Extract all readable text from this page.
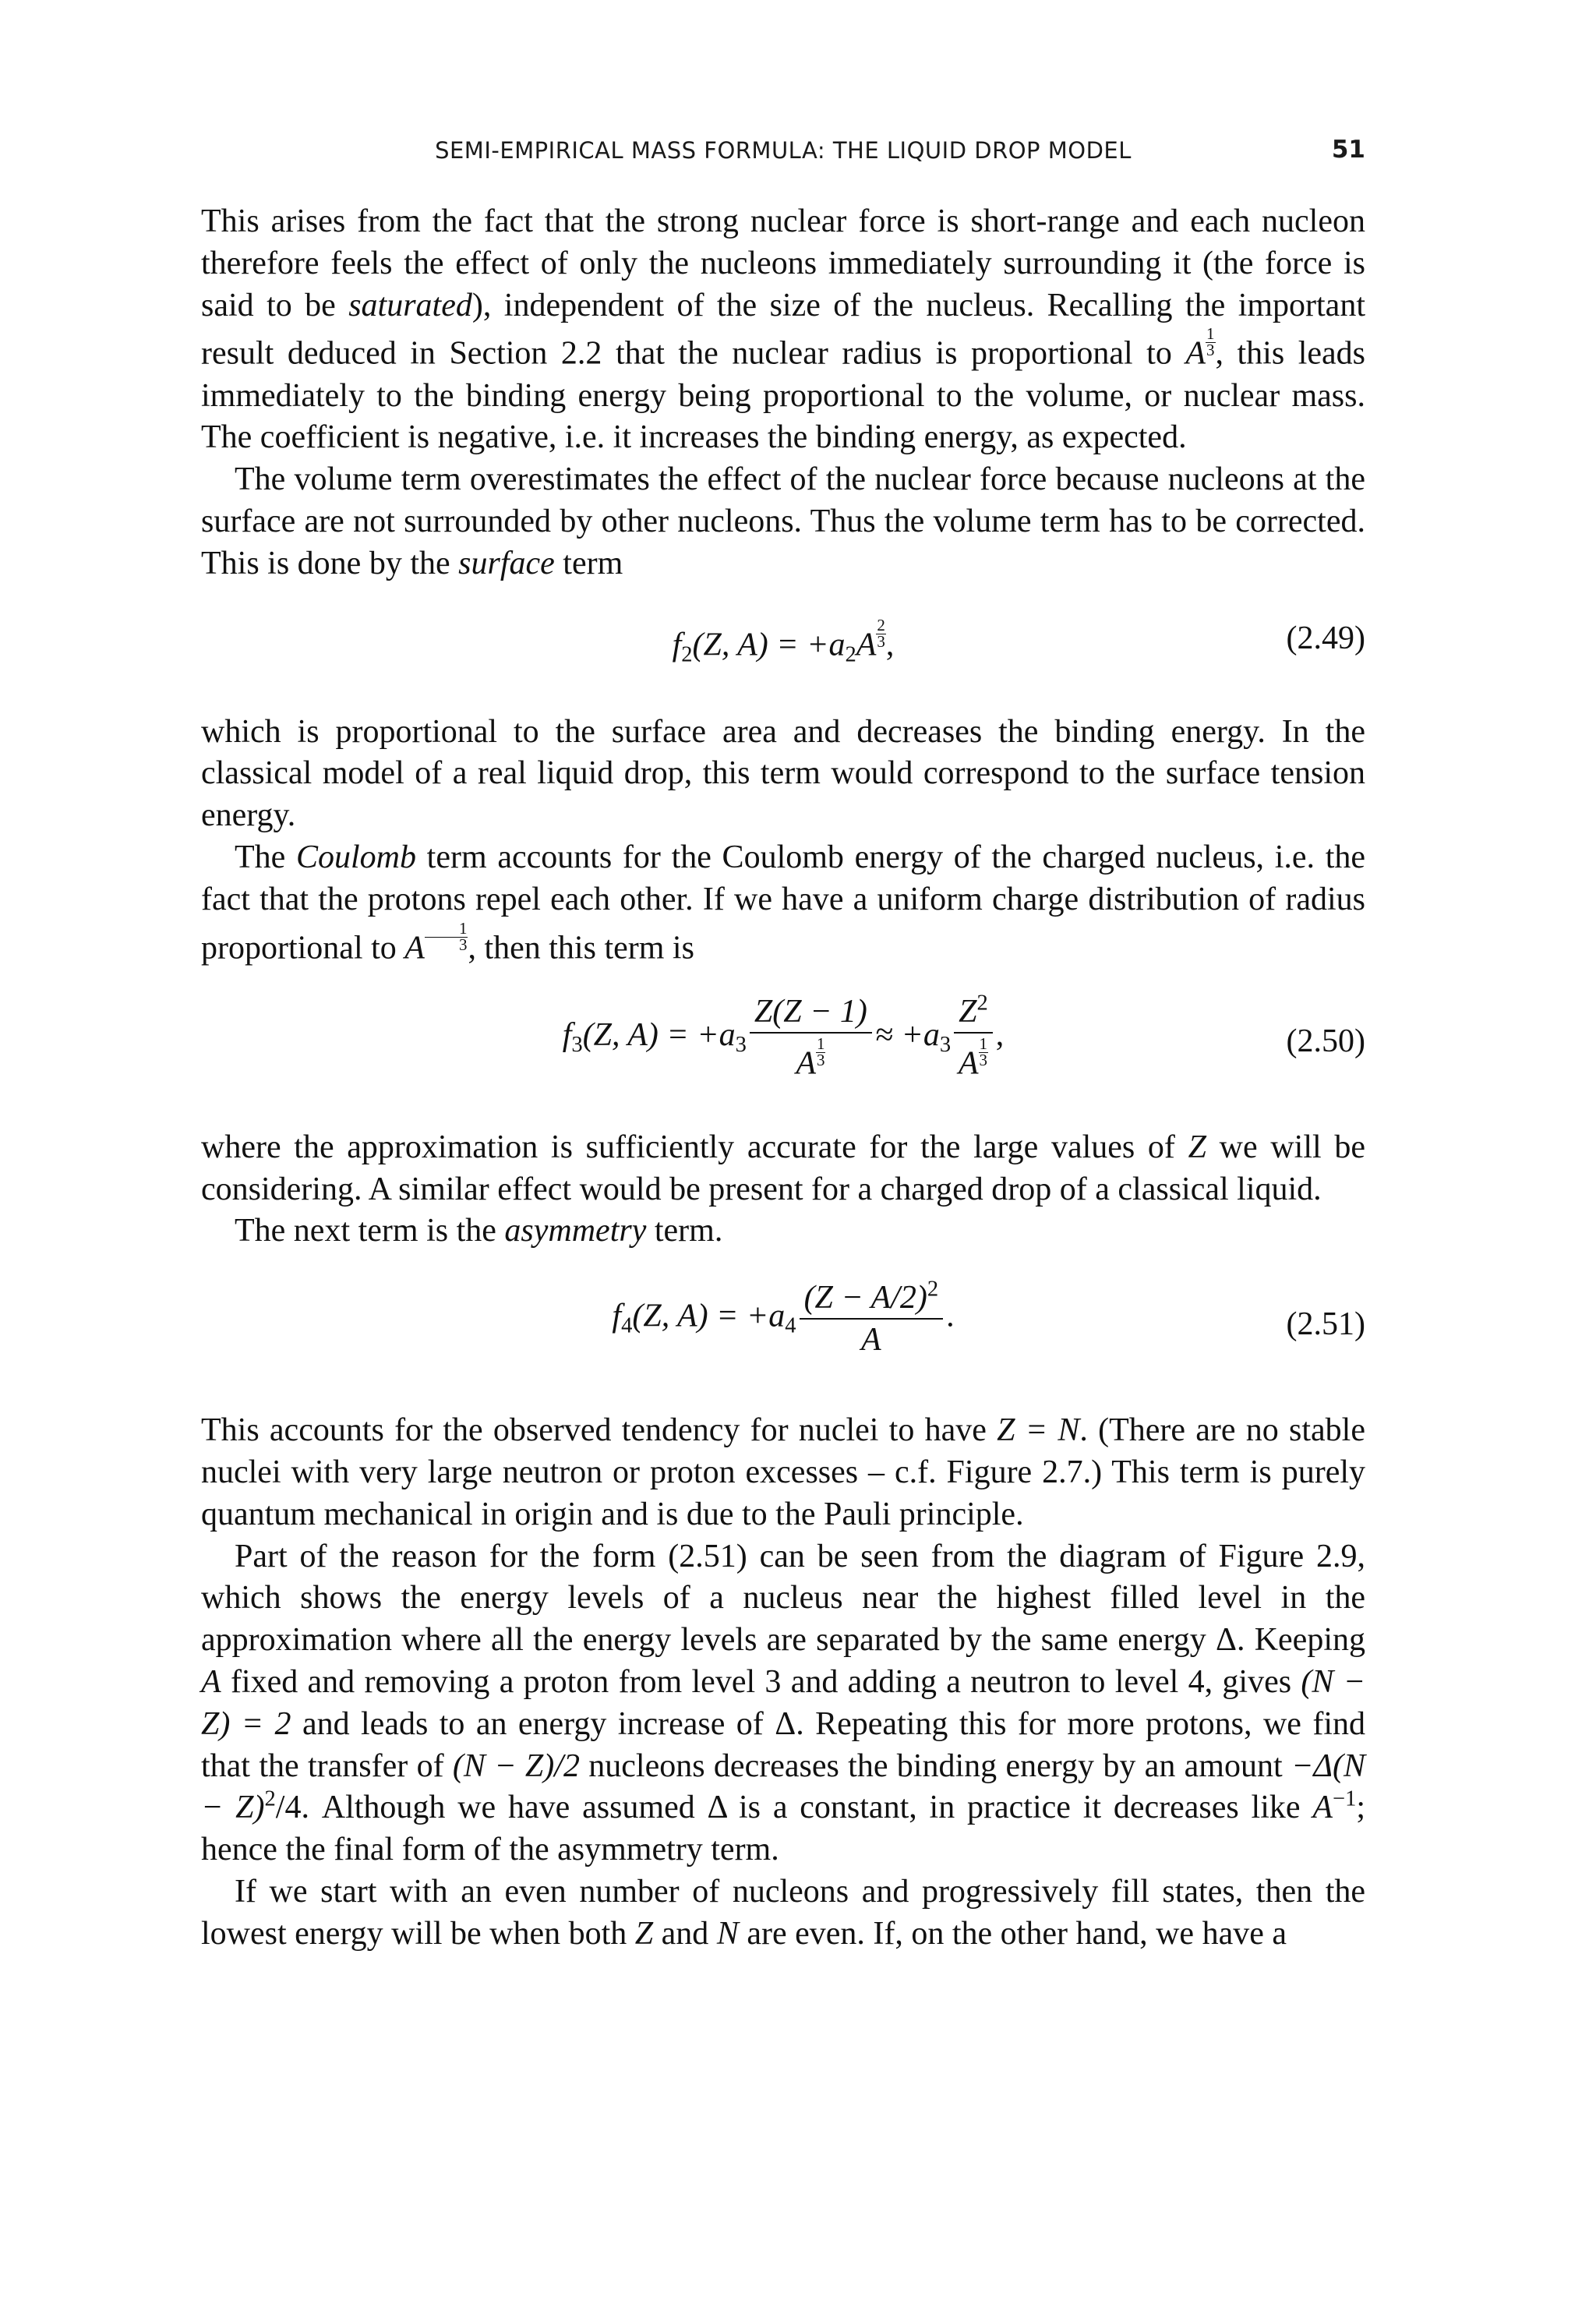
SEMI-EMPIRICAL MASS FORMULA: THE LIQUID DROP MODEL	51

This arises from the fact that the strong nuclear force is short-range and each nucleon therefore feels the effect of only the nucleons immediately surrounding it (the force is said to be saturated), independent of the size of the nucleus. Recalling the important result deduced in Section 2.2 that the nuclear radius is proportional to A $\frac{1}{3}$ , this leads immediately to the binding energy being proportional to the volume, or nuclear mass. The coefficient is negative, i.e. it increases the binding energy, as expected.

The volume term overestimates the effect of the nuclear force because nucleons at the surface are not surrounded by other nucleons. Thus the volume term has to be corrected. This is done by the surface term

$f_2(Z$, $A) = +a_2A \frac{2}{3}$ ,	(2.49)

which is proportional to the surface area and decreases the binding energy. In the classical model of a real liquid drop, this term would correspond to the surface tension energy.

The Coulomb term accounts for the Coulomb energy of the charged nucleus, i.e. the fact that the protons repel each other. If we have a uniform charge distribution of radius proportional to A $\frac{1}{3}$ , then this term is

$f_3(Z$, $A) = +a_3 \frac{Z(Z - 1)}{A \frac{1}{3}} \approx +a_3 \frac{Z^2}{A \frac{1}{3}}$ ,	(2.50)

where the approximation is sufficiently accurate for the large values of Z we will be considering. A similar effect would be present for a charged drop of a classical liquid.

The next term is the asymmetry term.

$f_4(Z$, $A) = +a_4 \frac{(Z - A/2)^2}{A}$ .	(2.51)

This accounts for the observed tendency for nuclei to have Z = N. (There are no stable nuclei with very large neutron or proton excesses – c.f. Figure 2.7.) This term is purely quantum mechanical in origin and is due to the Pauli principle.

Part of the reason for the form (2.51) can be seen from the diagram of Figure 2.9, which shows the energy levels of a nucleus near the highest filled level in the approximation where all the energy levels are separated by the same energy Δ. Keeping A fixed and removing a proton from level 3 and adding a neutron to level 4, gives (N − Z) = 2 and leads to an energy increase of Δ. Repeating this for more protons, we find that the transfer of (N − Z)/2 nucleons decreases the binding energy by an amount $-\Delta(N - Z)^2/4$. Although we have assumed Δ is a constant, in practice it decreases like $A^{-1}$; hence the final form of the asymmetry term.

If we start with an even number of nucleons and progressively fill states, then the lowest energy will be when both Z and N are even. If, on the other hand, we have a
